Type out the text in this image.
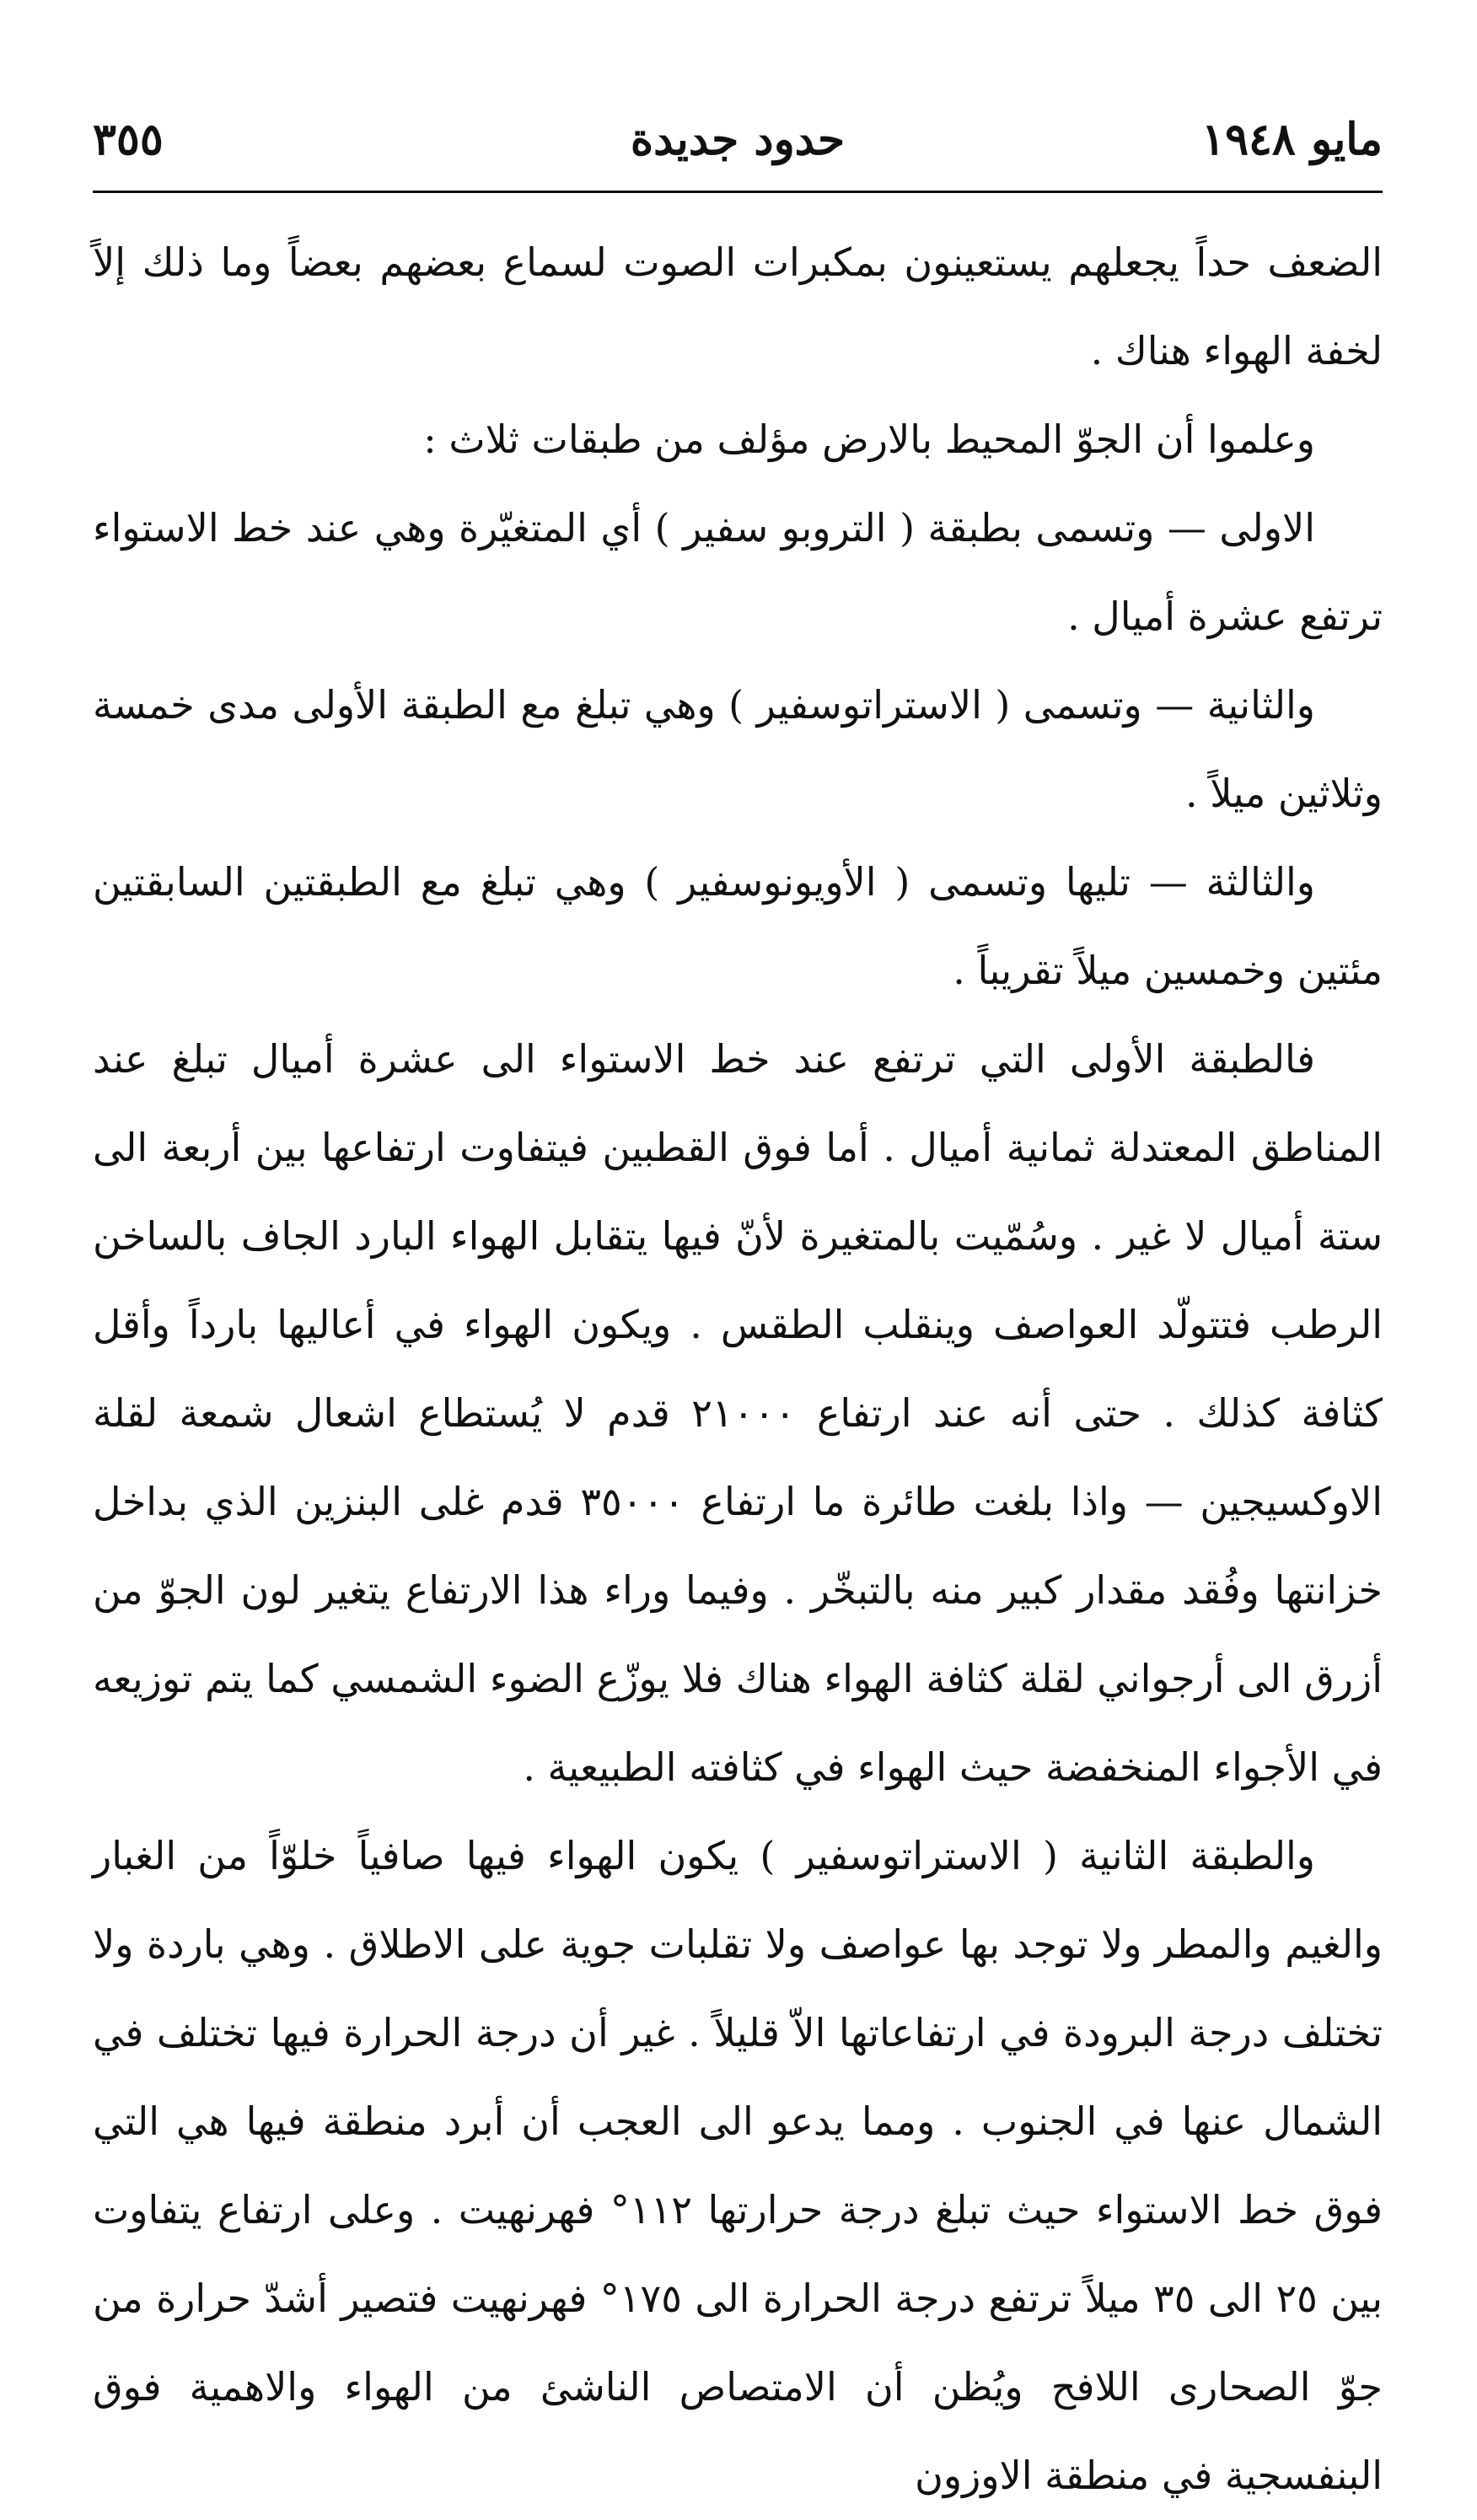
مايو ١٩٤٨
حدود جديدة
٣٥٥

الضعف حداً يجعلهم يستعينون بمكبرات الصوت لسماع بعضهم بعضاً وما ذلك إلاً لخفة الهواء هناك .

وعلموا أن الجوّ المحيط بالارض مؤلف من طبقات ثلاث :

الاولى — وتسمى بطبقة ( التروبو سفير ) أي المتغيّرة وهي عند خط الاستواء ترتفع عشرة أميال .

والثانية — وتسمى ( الاستراتوسفير ) وهي تبلغ مع الطبقة الأولى مدى خمسة وثلاثين ميلاً .

والثالثة — تليها وتسمى ( الأويونوسفير ) وهي تبلغ مع الطبقتين السابقتين مئتين وخمسين ميلاً تقريباً .

فالطبقة الأولى التي ترتفع عند خط الاستواء الى عشرة أميال تبلغ عند المناطق المعتدلة ثمانية أميال . أما فوق القطبين فيتفاوت ارتفاعها بين أربعة الى ستة أميال لا غير . وسُمّيت بالمتغيرة لأنّ فيها يتقابل الهواء البارد الجاف بالساخن الرطب فتتولّد العواصف وينقلب الطقس . ويكون الهواء في أعاليها بارداً وأقل كثافة كذلك . حتى أنه عند ارتفاع ٢١٠٠٠ قدم لا يُستطاع اشعال شمعة لقلة الاوكسيجين — واذا بلغت طائرة ما ارتفاع ٣٥٠٠٠ قدم غلى البنزين الذي بداخل خزانتها وفُقد مقدار كبير منه بالتبخّر . وفيما وراء هذا الارتفاع يتغير لون الجوّ من أزرق الى أرجواني لقلة كثافة الهواء هناك فلا يوزّع الضوء الشمسي كما يتم توزيعه في الأجواء المنخفضة حيث الهواء في كثافته الطبيعية .

والطبقة الثانية ( الاستراتوسفير ) يكون الهواء فيها صافياً خلوّاً من الغبار والغيم والمطر ولا توجد بها عواصف ولا تقلبات جوية على الاطلاق . وهي باردة ولا تختلف درجة البرودة في ارتفاعاتها الاّ قليلاً . غير أن درجة الحرارة فيها تختلف في الشمال عنها في الجنوب . ومما يدعو الى العجب أن أبرد منطقة فيها هي التي فوق خط الاستواء حيث تبلغ درجة حرارتها ١١٢° فهرنهيت . وعلى ارتفاع يتفاوت بين ٢٥ الى ٣٥ ميلاً ترتفع درجة الحرارة الى ١٧٥° فهرنهيت فتصير أشدّ حرارة من جوّ الصحارى اللافح ويُظن أن الامتصاص الناشئ من الهواء والاهمية فوق البنفسجية في منطقة الاوزون
